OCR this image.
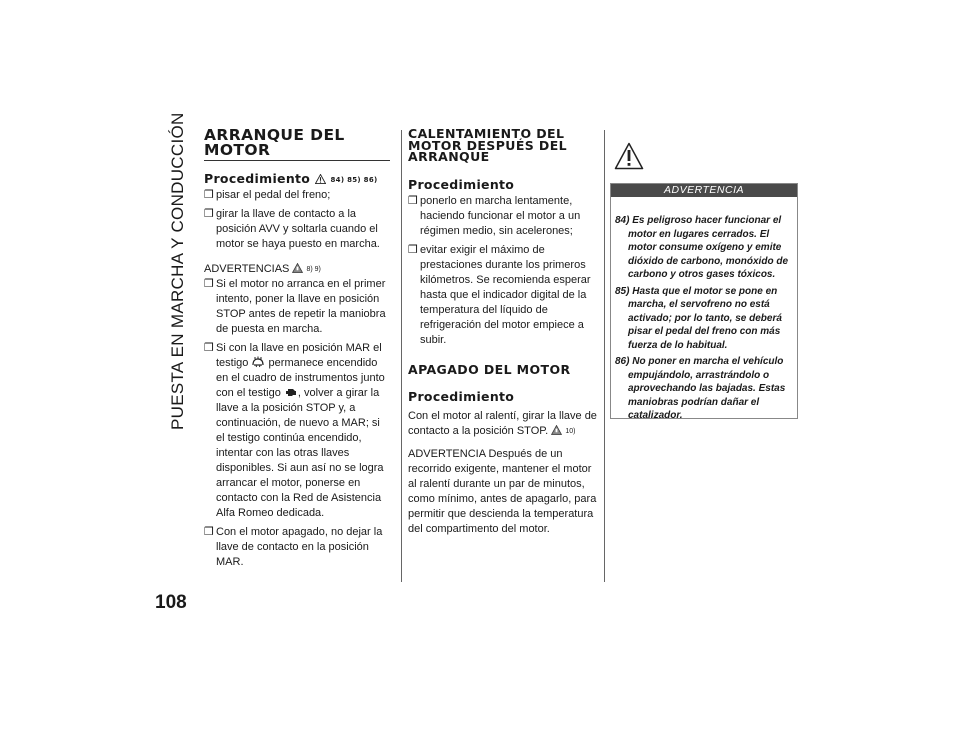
PUESTA EN MARCHA Y CONDUCCIÓN
108
ARRANQUE DEL MOTOR
Procedimiento	84) 85) 86)

❒ pisar el pedal del freno;

❒ girar la llave de contacto a la posición AVV y soltarla cuando el motor se haya puesto en marcha.

ADVERTENCIAS 8) 9)

❒ Si el motor no arranca en el primer intento, poner la llave en posición STOP antes de repetir la maniobra de puesta en marcha.

❒ Si con la llave en posición MAR el testigo permanece encendido en el cuadro de instrumentos junto con el testigo , volver a girar la llave a la posición STOP y, a continuación, de nuevo a MAR; si el testigo continúa encendido, intentar con las otras llaves disponibles. Si aun así no se logra arrancar el motor, ponerse en contacto con la Red de Asistencia Alfa Romeo dedicada.

❒ Con el motor apagado, no dejar la llave de contacto en la posición MAR.

CALENTAMIENTO DEL MOTOR DESPUÉS DEL ARRANQUE
Procedimiento

❒ ponerlo en marcha lentamente, haciendo funcionar el motor a un régimen medio, sin acelerones;

❒ evitar exigir el máximo de prestaciones durante los primeros kilómetros. Se recomienda esperar hasta que el indicador digital de la temperatura del líquido de refrigeración del motor empiece a subir.

APAGADO DEL MOTOR
Procedimiento

Con el motor al ralentí, girar la llave de contacto a la posición STOP. 10)

ADVERTENCIA Después de un recorrido exigente, mantener el motor al ralentí durante un par de minutos, como mínimo, antes de apagarlo, para permitir que descienda la temperatura del compartimento del motor.

ADVERTENCIA

84) Es peligroso hacer funcionar el motor en lugares cerrados. El motor consume oxígeno y emite dióxido de carbono, monóxido de carbono y otros gases tóxicos.

85) Hasta que el motor se pone en marcha, el servofreno no está activado; por lo tanto, se deberá pisar el pedal del freno con más fuerza de lo habitual.

86) No poner en marcha el vehículo empujándolo, arrastrándolo o aprovechando las bajadas. Estas maniobras podrían dañar el catalizador.
